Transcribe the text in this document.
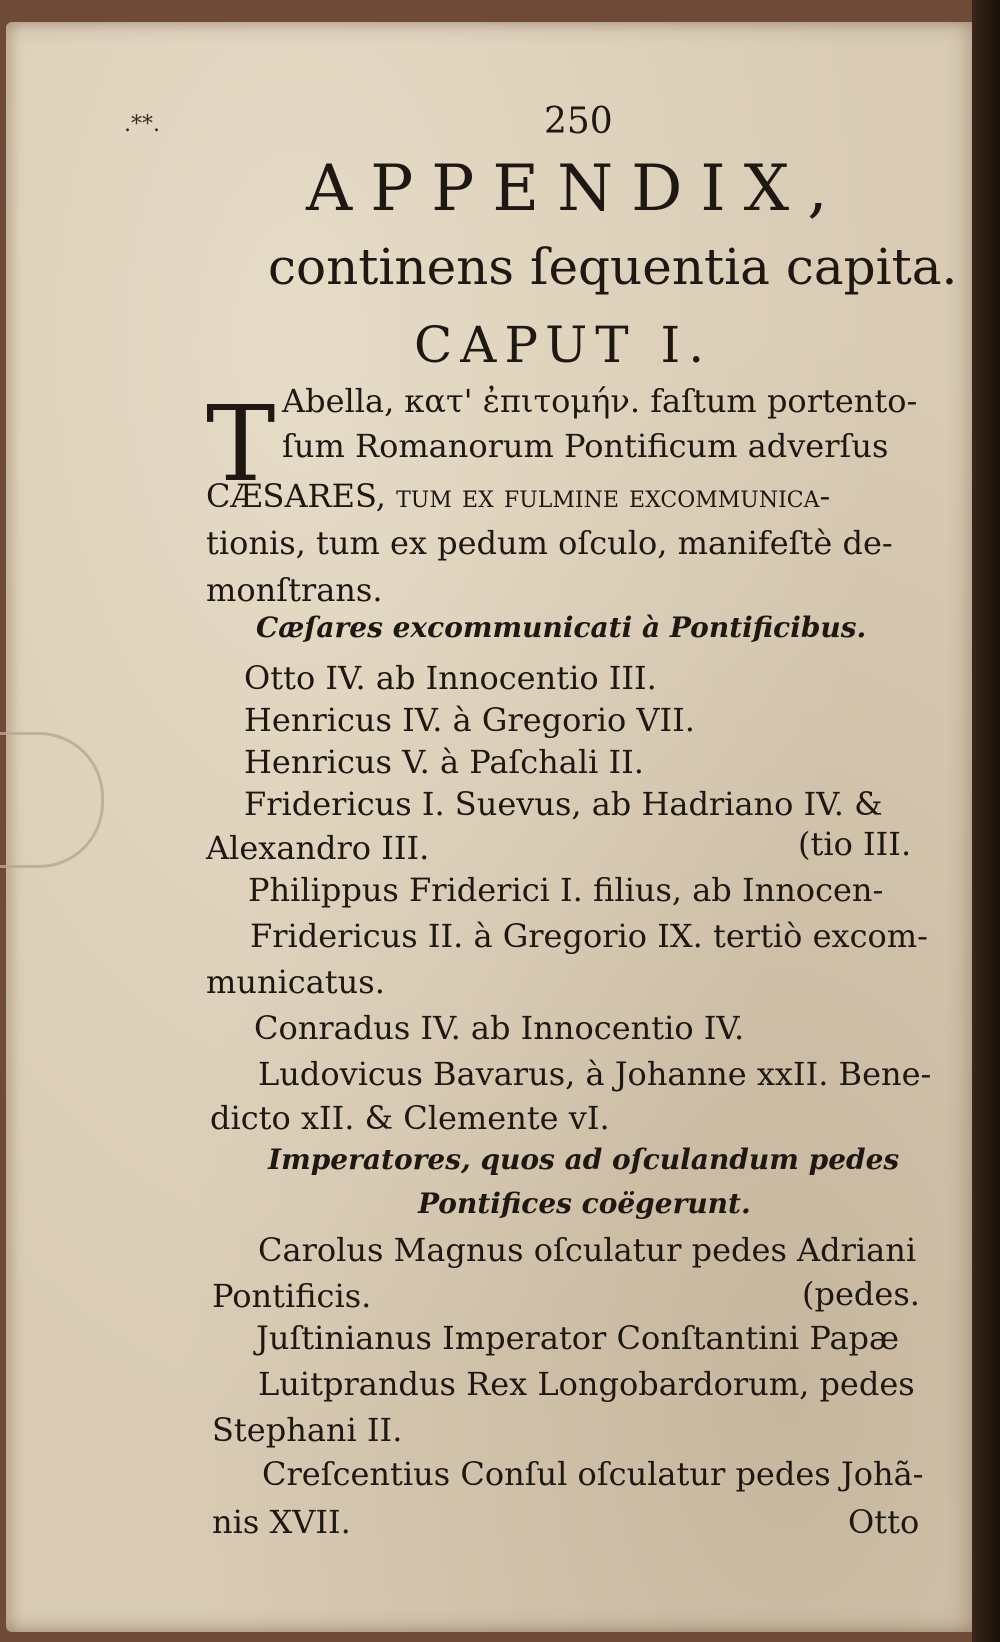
.**.	250
APPENDIX,
continens ſequentia capita.
CAPUT I.
T Abella, κατ' ἐπιτομήν. faſtum portento-
ſum Romanorum Pontificum adverſus
CÆSARES, tum ex fulmine excommunica-
tionis, tum ex pedum oſculo, manifeſtè de-
monſtrans.
Cæſares excommunicati à Pontificibus.
Otto IV. ab Innocentio III.
Henricus IV. à Gregorio VII.
Henricus V. à Paſchali II.
Fridericus I. Suevus, ab Hadriano IV. &
Alexandro III.	(tio III.
Philippus Friderici I. filius, ab Innocen-
Fridericus II. à Gregorio IX. tertiò excom-
municatus.
Conradus IV. ab Innocentio IV.
Ludovicus Bavarus, à Johanne xxII. Bene-
dicto xII. & Clemente vI.
Imperatores, quos ad oſculandum pedes
Pontifices coëgerunt.
Carolus Magnus oſculatur pedes Adriani
Pontificis.	(pedes.
Juſtinianus Imperator Conſtantini Papæ
Luitprandus Rex Longobardorum, pedes
Stephani II.
Creſcentius Conſul oſculatur pedes Johã-
nis XVII.	Otto
